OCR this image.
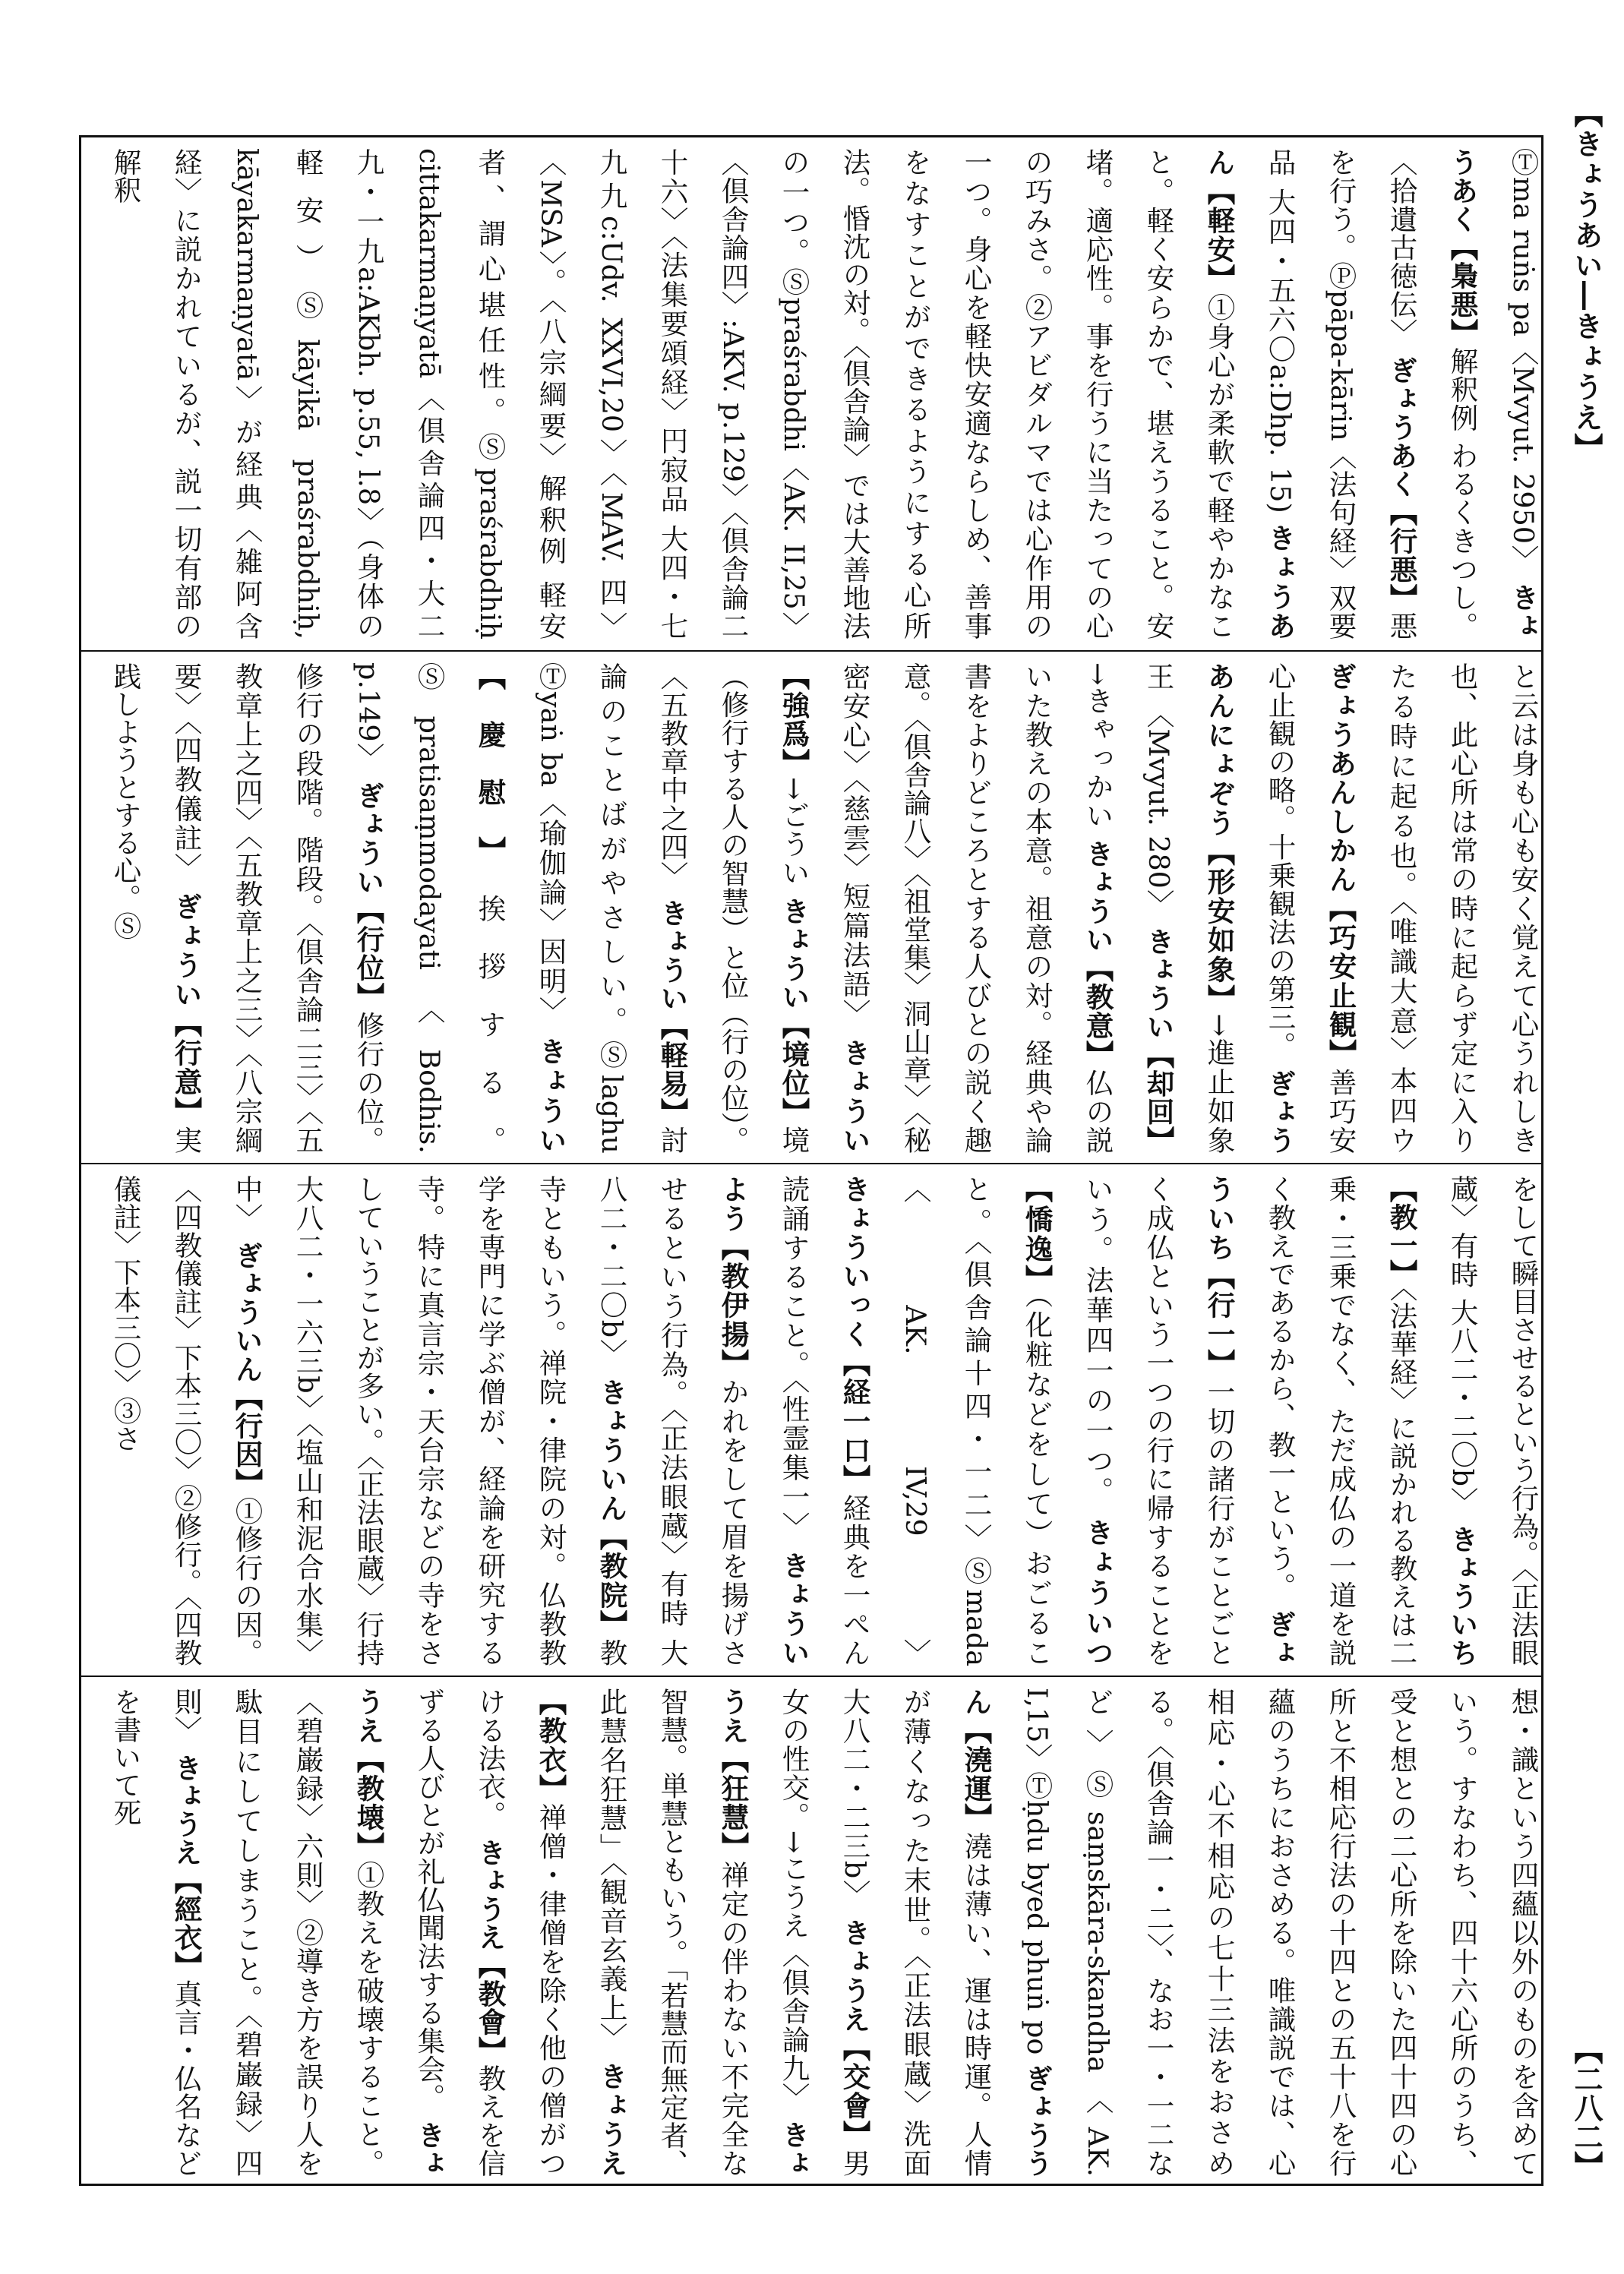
【きょうあい―きょうえ】
【二八二】
Ⓣma ruṅs pa〈Mvyut. 2950〉 きょうあく【梟悪】解釈例 わるくきつし。〈拾遺古徳伝〉 ぎょうあく【行悪】悪を行う。Ⓟpāpa-kārin〈法句経〉双要品 大四・五六〇a:Dhp. 15) きょうあん【軽安】①身心が柔軟で軽やかなこと。軽く安らかで、堪えうること。安堵。適応性。事を行うに当たっての心の巧みさ。②アビダルマでは心作用の一つ。身心を軽快安適ならしめ、善事をなすことができるようにする心所法。惛沈の対。〈倶舎論〉では大善地法の一つ。Ⓢpraśrabdhi〈AK. II,25〉〈倶舎論四〉:AKV. p.129〉〈倶舎論二十六〉〈法集要頌経〉円寂品 大四・七九九c:Udv. XXVI,20〉〈MAV. 四〉〈MSA〉。〈八宗綱要〉解釈例 軽安者、謂心堪任性。Ⓢpraśrabdhiḥ cittakarmaṇyatā〈倶舎論四・大二九・一九a:AKbh. p.55, l.8〉（身体の軽安）Ⓢkāyikā praśrabdhiḥ, kāyakarmaṇyatā〉が経典〈雑阿含経〉に説かれているが、説一切有部の解釈
と云は身も心も安く覚えて心うれしき也、此心所は常の時に起らず定に入りたる時に起る也。〈唯識大意〉本四ウ ぎょうあんしかん【巧安止観】善巧安心止観の略。十乗観法の第三。 ぎょうあんにょぞう【形安如象】→進止如象王 〈Mvyut. 280〉 きょうい【却回】→きゃっかい きょうい【教意】仏の説いた教えの本意。祖意の対。経典や論書をよりどころとする人びとの説く趣意。〈倶舎論八〉〈祖堂集〉洞山章〉〈秘密安心〉〈慈雲〉短篇法語〉 きょうい【強爲】→ごうい きょうい【境位】境（修行する人の智慧）と位（行の位）。〈五教章中之四〉 きょうい【軽易】討論のことばがやさしい。Ⓢlaghu Ⓣyaṅ ba〈瑜伽論〉因明〉 きょうい【慶慰】挨拶する。Ⓢpratisaṃmodayati〈Bodhis. p.149〉 ぎょうい【行位】修行の位。修行の段階。階段。〈倶舎論二三〉〈五教章上之四〉〈五教章上之三〉〈八宗綱要〉〈四教儀註〉 ぎょうい【行意】実践しようとする心。Ⓢ
をして瞬目させるという行為。〈正法眼蔵〉有時 大八二・二〇b〉 きょういち【教一】〈法華経〉に説かれる教えは二乗・三乗でなく、ただ成仏の一道を説く教えであるから、教一という。 ぎょういち【行一】一切の諸行がことごとく成仏という一つの行に帰することをいう。法華四一の一つ。 きょういつ【憍逸】（化粧などをして）おごること。〈倶舎論十四・一二〉Ⓢmada〈AK. IV,29〉 きょういっく【経一口】経典を一ぺん読誦すること。〈性霊集一〉 きょういよう【教伊揚】かれをして眉を揚げさせるという行為。〈正法眼蔵〉有時 大八二・二〇b〉 きょういん【教院】教寺ともいう。禅院・律院の対。仏教教学を専門に学ぶ僧が、経論を研究する寺。特に真言宗・天台宗などの寺をさしていうことが多い。〈正法眼蔵〉行持 大八二・一六三b〉〈塩山和泥合水集〉中〉 ぎょういん【行因】①修行の因。〈四教儀註〉下本三〇〉②修行。〈四教儀註〉下本三〇〉③さ
想・識という四蘊以外のものを含めていう。すなわち、四十六心所のうち、受と想との二心所を除いた四十四の心所と不相応行法の十四との五十八を行蘊のうちにおさめる。唯識説では、心相応・心不相応の七十三法をおさめる。〈倶舎論一・二〉、なお一・一二など〉Ⓢsaṃskāra-skandha〈AK. I,15〉Ⓣḥdu byed phuṅ po ぎょううん【澆運】澆は薄い、運は時運。人情が薄くなった末世。〈正法眼蔵〉洗面 大八二・二三b〉 きょうえ【交會】男女の性交。→こうえ〈倶舎論九〉 きょうえ【狂慧】禅定の伴わない不完全な智慧。単慧ともいう。「若慧而無定者、此慧名狂慧」〈観音玄義上〉 きょうえ【教衣】禅僧・律僧を除く他の僧がつける法衣。 きょうえ【教會】教えを信ずる人びとが礼仏聞法する集会。 きょうえ【教壊】①教えを破壊すること。〈碧巌録〉六則〉②導き方を誤り人を駄目にしてしまうこと。〈碧巌録〉四則〉 きょうえ【經衣】真言・仏名などを書いて死
